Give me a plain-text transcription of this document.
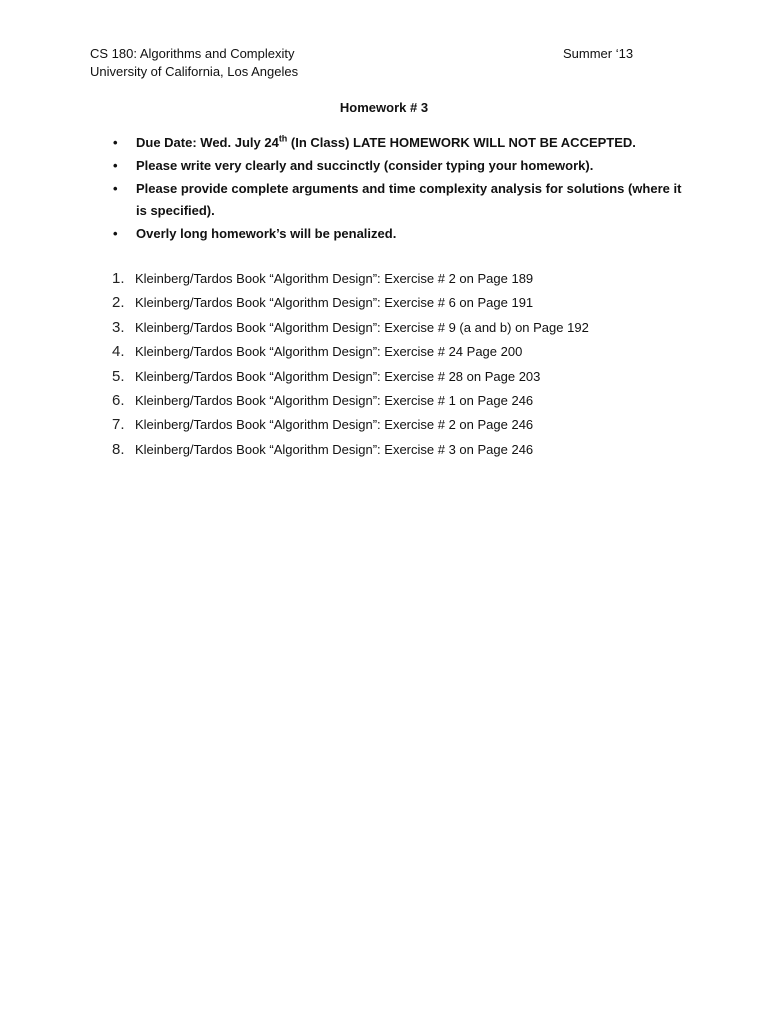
CS 180: Algorithms and Complexity
University of California, Los Angeles
Summer ‘13
Homework # 3
• Due Date: Wed. July 24th (In Class) LATE HOMEWORK WILL NOT BE ACCEPTED.
• Please write very clearly and succinctly (consider typing your homework).
• Please provide complete arguments and time complexity analysis for solutions (where it is specified).
• Overly long homework’s will be penalized.
1. Kleinberg/Tardos Book “Algorithm Design”: Exercise # 2 on Page 189
2. Kleinberg/Tardos Book “Algorithm Design”: Exercise # 6 on Page 191
3. Kleinberg/Tardos Book “Algorithm Design”: Exercise # 9 (a and b) on Page 192
4. Kleinberg/Tardos Book “Algorithm Design”: Exercise # 24 Page 200
5. Kleinberg/Tardos Book “Algorithm Design”: Exercise # 28 on Page 203
6. Kleinberg/Tardos Book “Algorithm Design”: Exercise # 1 on Page 246
7. Kleinberg/Tardos Book “Algorithm Design”: Exercise # 2 on Page 246
8. Kleinberg/Tardos Book “Algorithm Design”: Exercise # 3 on Page 246
